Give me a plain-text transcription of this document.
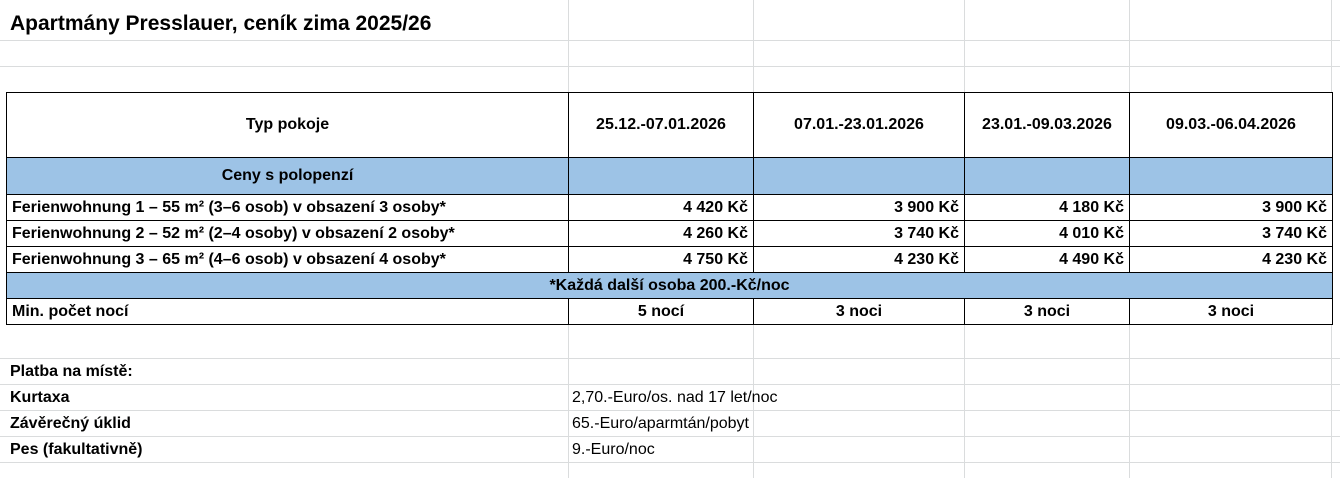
Apartmány Presslauer, ceník zima 2025/26
Typ pokoje	25.12.-07.01.2026	07.01.-23.01.2026	23.01.-09.03.2026	09.03.-06.04.2026
Ceny s polopenzí				
Ferienwohnung 1 – 55 m² (3–6 osob) v obsazení 3 osoby*	4 420 Kč	3 900 Kč	4 180 Kč	3 900 Kč
Ferienwohnung 2 – 52 m² (2–4 osoby) v obsazení 2 osoby*	4 260 Kč	3 740 Kč	4 010 Kč	3 740 Kč
Ferienwohnung 3 – 65 m² (4–6 osob) v obsazení 4 osoby*	4 750 Kč	4 230 Kč	4 490 Kč	4 230 Kč
*Každá další osoba 200.-Kč/noc				
Min. počet nocí	5 nocí	3 noci	3 noci	3 noci
Platba na místě:
Kurtaxa	2,70.-Euro/os. nad 17 let/noc
Závěrečný úklid	65.-Euro/aparmtán/pobyt
Pes (fakultativně)	9.-Euro/noc
